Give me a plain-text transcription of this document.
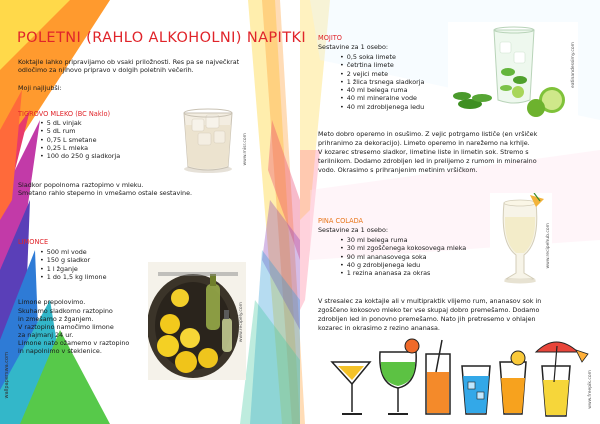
POLETNI (RAHLO ALKOHOLNI) NAPITKI
Koktajle lahko pripravijamo ob vsaki priložnosti. Res pa se največkrat
odločimo za njihovo pripravo v dolgih poletnih večerih.
Moji najljubši:
TIGROVO MLEKO (BC Naklo)
• 5 dL vinjak
• 5 dL rum
• 0,75 L smetane
• 0,25 L mleka
• 100 do 250 g sladkorja
Sladkor popolnoma raztopimo v mleku.
Smetano rahlo stepemo in vmešamo ostale sestavine.
www.misr.com
LIMONCE
• 500 ml vode
• 150 g sladkor
• 1 l žganje
• 1 do 1,5 kg limone
Limone prepolovimo.
Skuhamo sladkorno raztopino
in zmešamo z žganjem.
V raztopino namočimo limone
za najmanj 24 ur.
Limone nato ožamemo v raztopino
in napolnimo v steklenice.
www.recipely.com
MOJITO
Sestavine za 1 osebo:
• 0,5 soka limete
• četrtina limete
• 2 vejici mete
• 1 žlica trsnega sladkorja
• 40 ml belega ruma
• 40 ml mineralne vode
• 40 ml zdrobljenega ledu
Meto dobro operemo in osušimo. Z vejic potrgamo lističe (en vršiček
prihranimo za dekoracijo). Limeto operemo in narežemo na krhlje.
V kozarec stresemo sladkor, limetine liste in limetin sok. Stremo s
terilnikom. Dodamo zdrobljen led in prelijemo z rumom in mineralno
vodo. Okrasimo s prihranjenim metinim vršičkom.
eatinandessimy.com
PINA COLADA
Sestavine za 1 osebo:
• 30 ml belega ruma
• 30 ml zgoščenega kokosovega mleka
• 90 ml ananasovega soka
• 40 g zdrobljenega ledu
• 1 rezina ananasa za okras
V stresalec za koktajle ali v multipraktik vlijemo rum, ananasov sok in
zgoščeno kokosovo mleko ter vse skupaj dobro premešamo. Dodamo
zdrobljen led in ponovno premešamo. Nato jih pretresemo v ohlajen
kozarec in okrasimo z rezino ananasa.
www.recipehub.com
wallpaperswa.com	www.freepik.com
